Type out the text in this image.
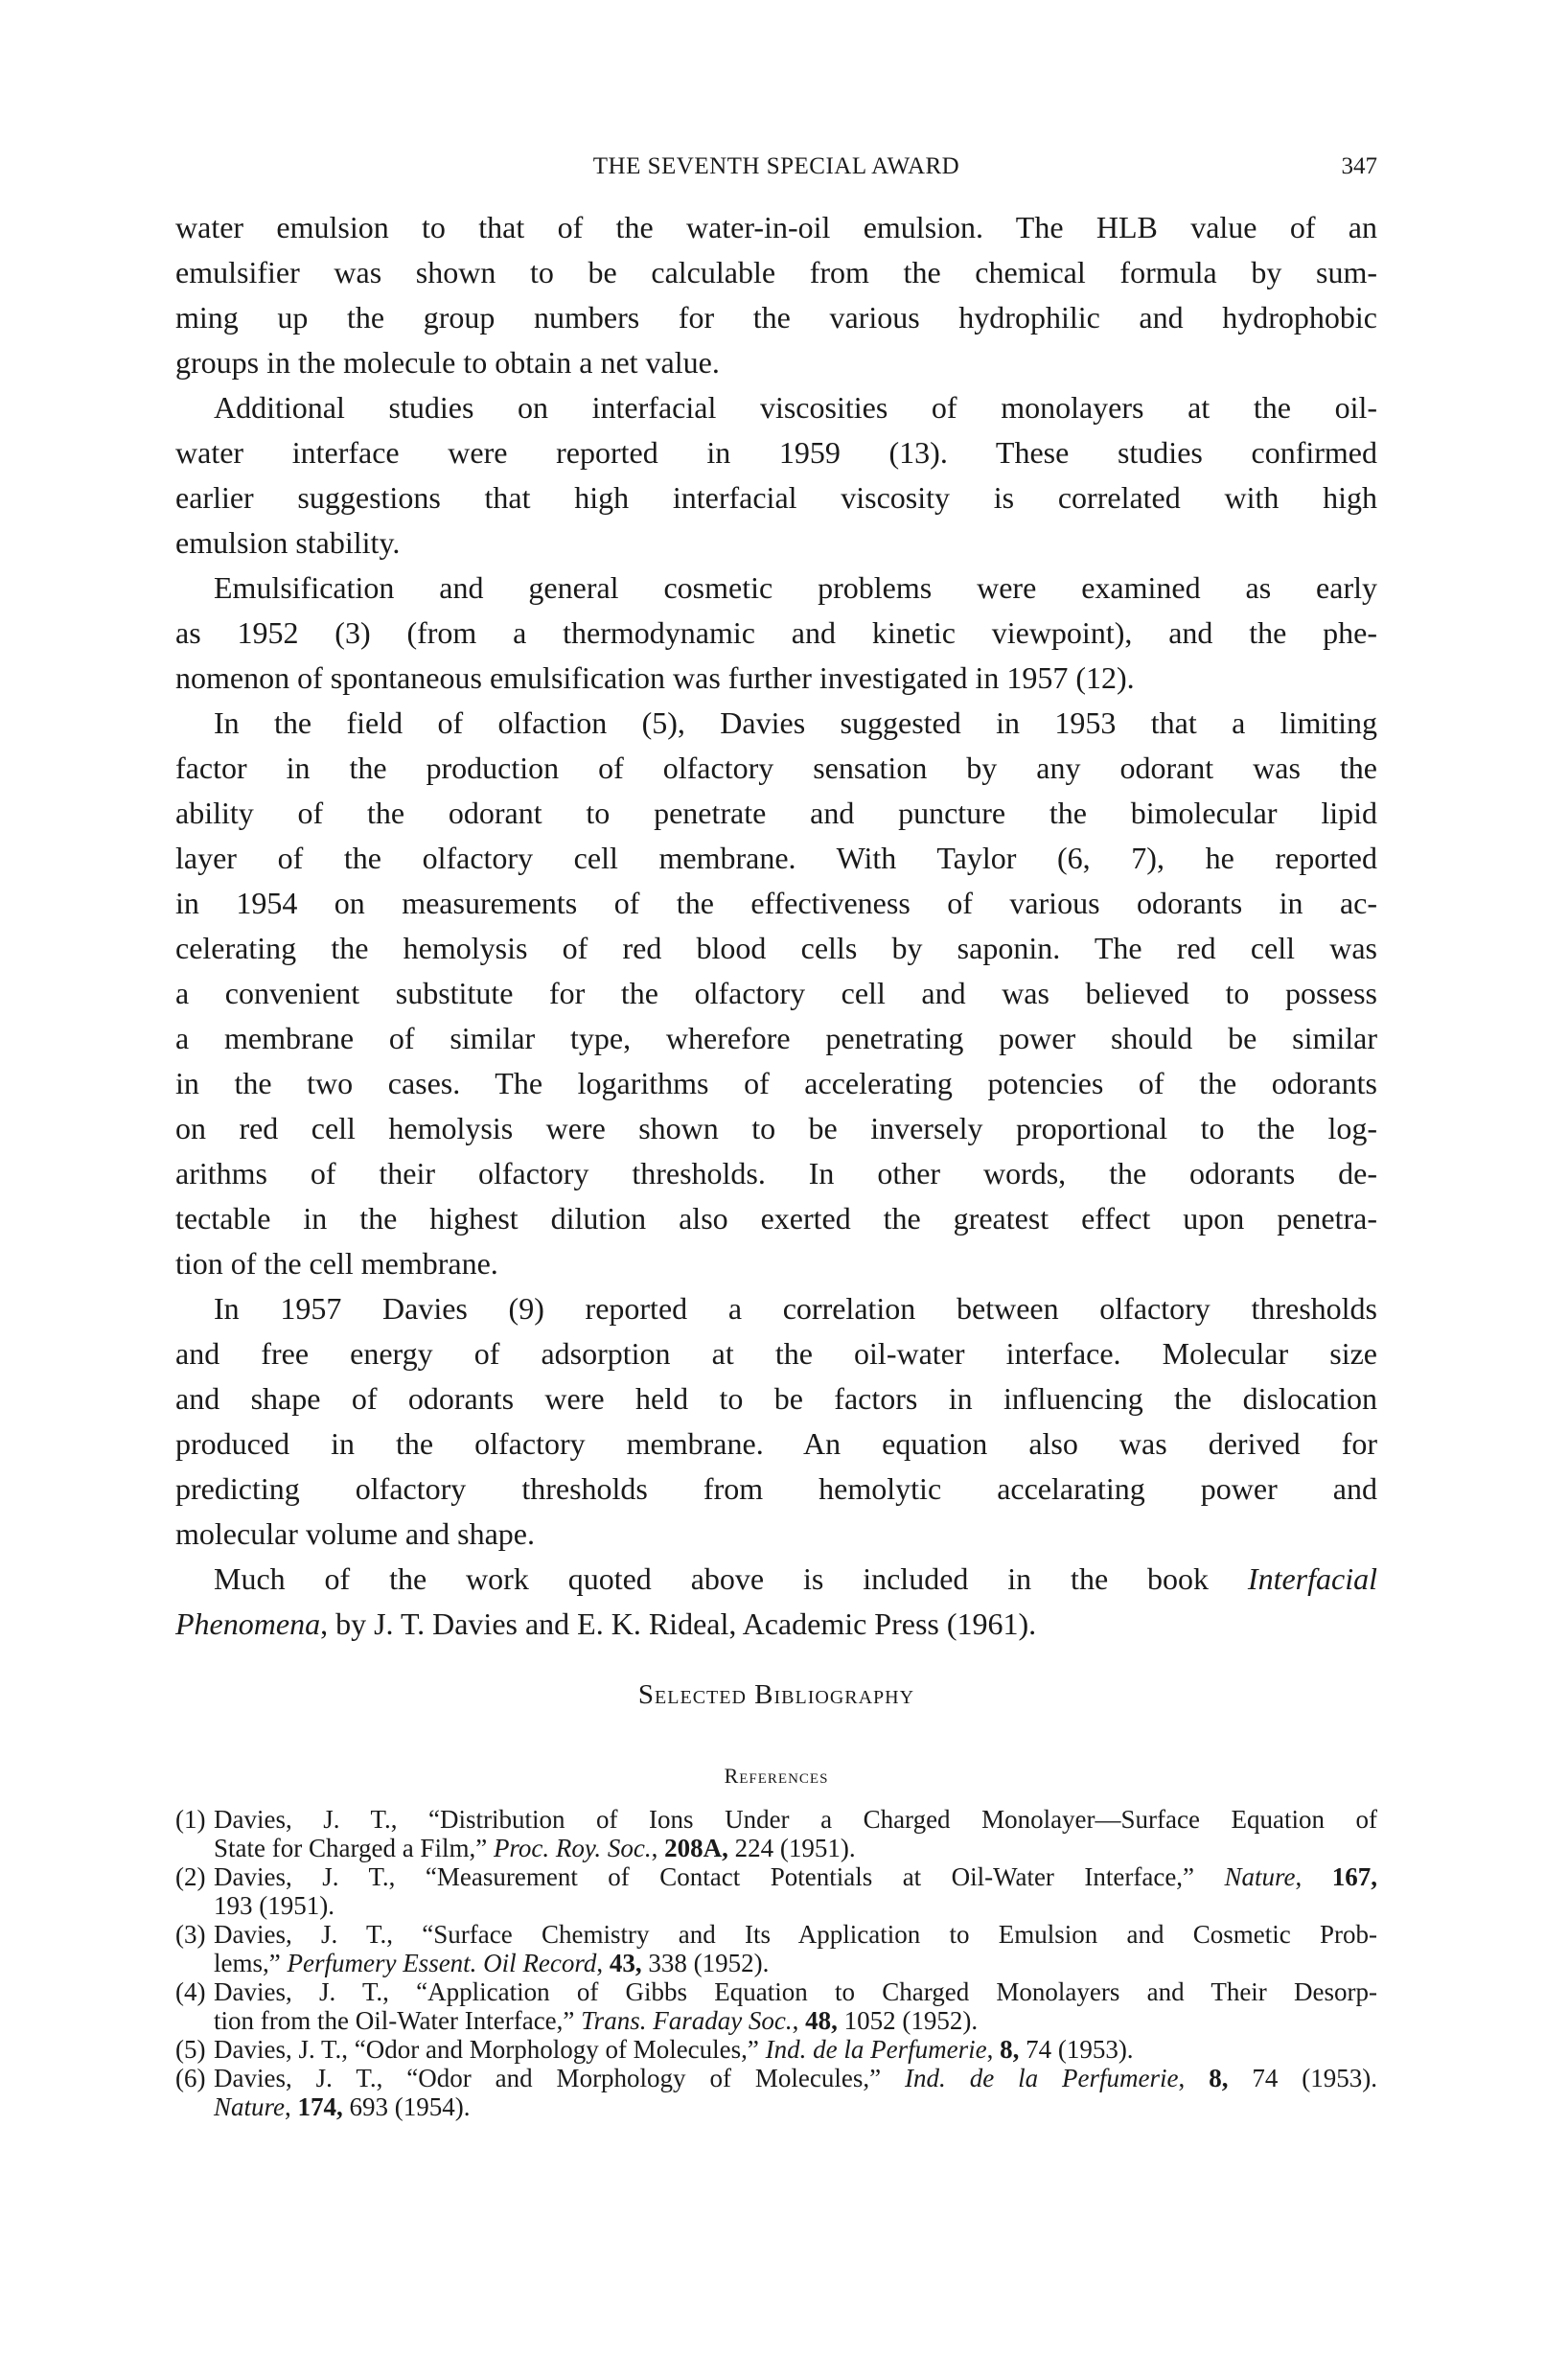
THE SEVENTH SPECIAL AWARD	347
water emulsion to that of the water-in-oil emulsion. The HLB value of an
emulsifier was shown to be calculable from the chemical formula by sum-
ming up the group numbers for the various hydrophilic and hydrophobic
groups in the molecule to obtain a net value.
Additional studies on interfacial viscosities of monolayers at the oil-
water interface were reported in 1959 (13). These studies confirmed
earlier suggestions that high interfacial viscosity is correlated with high
emulsion stability.
Emulsification and general cosmetic problems were examined as early
as 1952 (3) (from a thermodynamic and kinetic viewpoint), and the phe-
nomenon of spontaneous emulsification was further investigated in 1957 (12).
In the field of olfaction (5), Davies suggested in 1953 that a limiting
factor in the production of olfactory sensation by any odorant was the
ability of the odorant to penetrate and puncture the bimolecular lipid
layer of the olfactory cell membrane. With Taylor (6, 7), he reported
in 1954 on measurements of the effectiveness of various odorants in ac-
celerating the hemolysis of red blood cells by saponin. The red cell was
a convenient substitute for the olfactory cell and was believed to possess
a membrane of similar type, wherefore penetrating power should be similar
in the two cases. The logarithms of accelerating potencies of the odorants
on red cell hemolysis were shown to be inversely proportional to the log-
arithms of their olfactory thresholds. In other words, the odorants de-
tectable in the highest dilution also exerted the greatest effect upon penetra-
tion of the cell membrane.
In 1957 Davies (9) reported a correlation between olfactory thresholds
and free energy of adsorption at the oil-water interface. Molecular size
and shape of odorants were held to be factors in influencing the dislocation
produced in the olfactory membrane. An equation also was derived for
predicting olfactory thresholds from hemolytic accelarating power and
molecular volume and shape.
Much of the work quoted above is included in the book Interfacial
Phenomena, by J. T. Davies and E. K. Rideal, Academic Press (1961).
Selected Bibliography
References
(1) Davies, J. T., “Distribution of Ions Under a Charged Monolayer—Surface Equation of
State for Charged a Film,” Proc. Roy. Soc., 208A, 224 (1951).
(2) Davies, J. T., “Measurement of Contact Potentials at Oil-Water Interface,” Nature, 167,
193 (1951).
(3) Davies, J. T., “Surface Chemistry and Its Application to Emulsion and Cosmetic Prob-
lems,” Perfumery Essent. Oil Record, 43, 338 (1952).
(4) Davies, J. T., “Application of Gibbs Equation to Charged Monolayers and Their Desorp-
tion from the Oil-Water Interface,” Trans. Faraday Soc., 48, 1052 (1952).
(5) Davies, J. T., “Odor and Morphology of Molecules,” Ind. de la Perfumerie, 8, 74 (1953).
(6) Davies, J. T., “Odor and Morphology of Molecules,” Ind. de la Perfumerie, 8, 74 (1953).
Nature, 174, 693 (1954).
